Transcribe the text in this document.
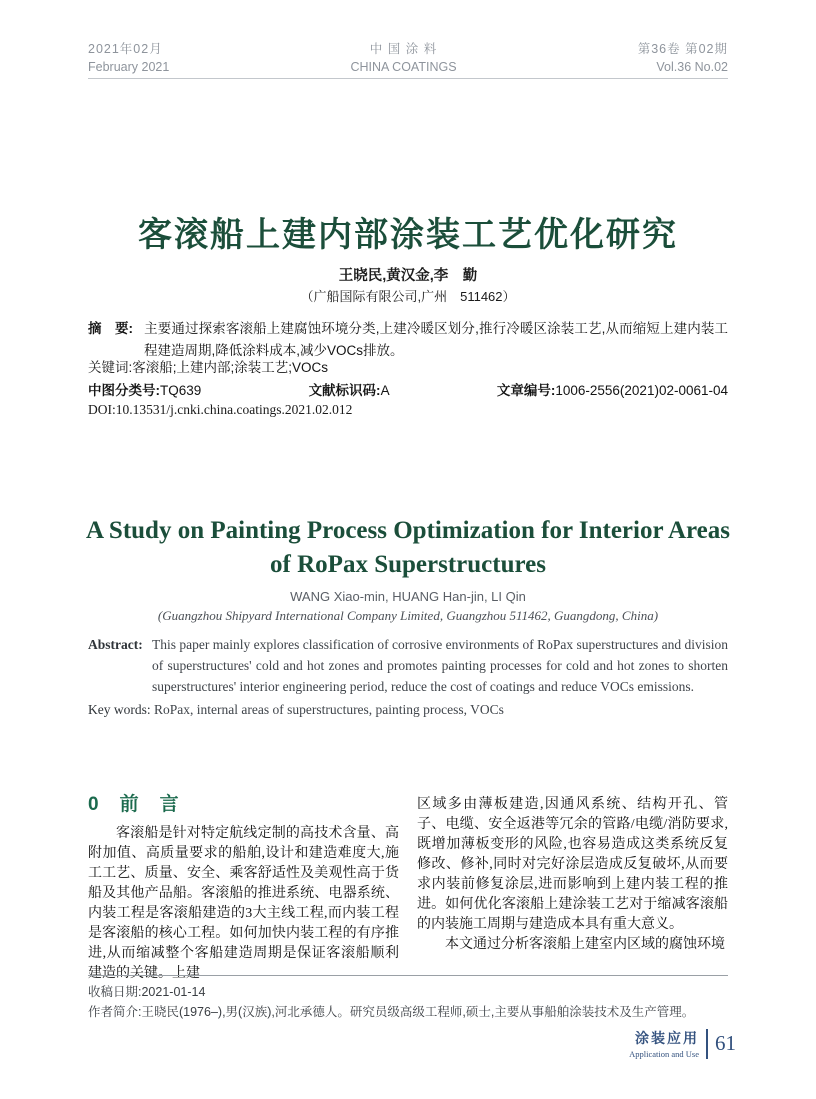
2021年02月
February 2021
中 国 涂 料
CHINA COATINGS
第36卷 第02期
Vol.36 No.02
客滚船上建内部涂装工艺优化研究
王晓民,黄汉金,李　勤
（广船国际有限公司,广州　511462）
摘　要: 主要通过探索客滚船上建腐蚀环境分类,上建冷暖区划分,推行冷暖区涂装工艺,从而缩短上建内装工程建造周期,降低涂料成本,减少VOCs排放。
关键词:客滚船;上建内部;涂装工艺;VOCs
中图分类号:TQ639	文献标识码:A	文章编号:1006-2556(2021)02-0061-04
DOI:10.13531/j.cnki.china.coatings.2021.02.012
A Study on Painting Process Optimization for Interior Areas
of RoPax Superstructures
WANG Xiao-min, HUANG Han-jin, LI Qin
(Guangzhou Shipyard International Company Limited, Guangzhou 511462, Guangdong, China)
Abstract: This paper mainly explores classification of corrosive environments of RoPax superstructures and division of superstructures' cold and hot zones and promotes painting processes for cold and hot zones to shorten superstructures' interior engineering period, reduce the cost of coatings and reduce VOCs emissions.
Key words: RoPax, internal areas of superstructures, painting process, VOCs
0　前　言

客滚船是针对特定航线定制的高技术含量、高附加值、高质量要求的船舶,设计和建造难度大,施工工艺、质量、安全、乘客舒适性及美观性高于货船及其他产品船。客滚船的推进系统、电器系统、内装工程是客滚船建造的3大主线工程,而内装工程是客滚船的核心工程。如何加快内装工程的有序推进,从而缩减整个客船建造周期是保证客滚船顺利建造的关键。上建

区域多由薄板建造,因通风系统、结构开孔、管子、电缆、安全返港等冗余的管路/电缆/消防要求,既增加薄板变形的风险,也容易造成这类系统反复修改、修补,同时对完好涂层造成反复破坏,从而要求内装前修复涂层,进而影响到上建内装工程的推进。如何优化客滚船上建涂装工艺对于缩减客滚船的内装施工周期与建造成本具有重大意义。

本文通过分析客滚船上建室内区域的腐蚀环境

收稿日期:2021-01-14
作者简介:王晓民(1976–),男(汉族),河北承德人。研究员级高级工程师,硕士,主要从事船舶涂装技术及生产管理。
涂装应用
Application and Use 61
